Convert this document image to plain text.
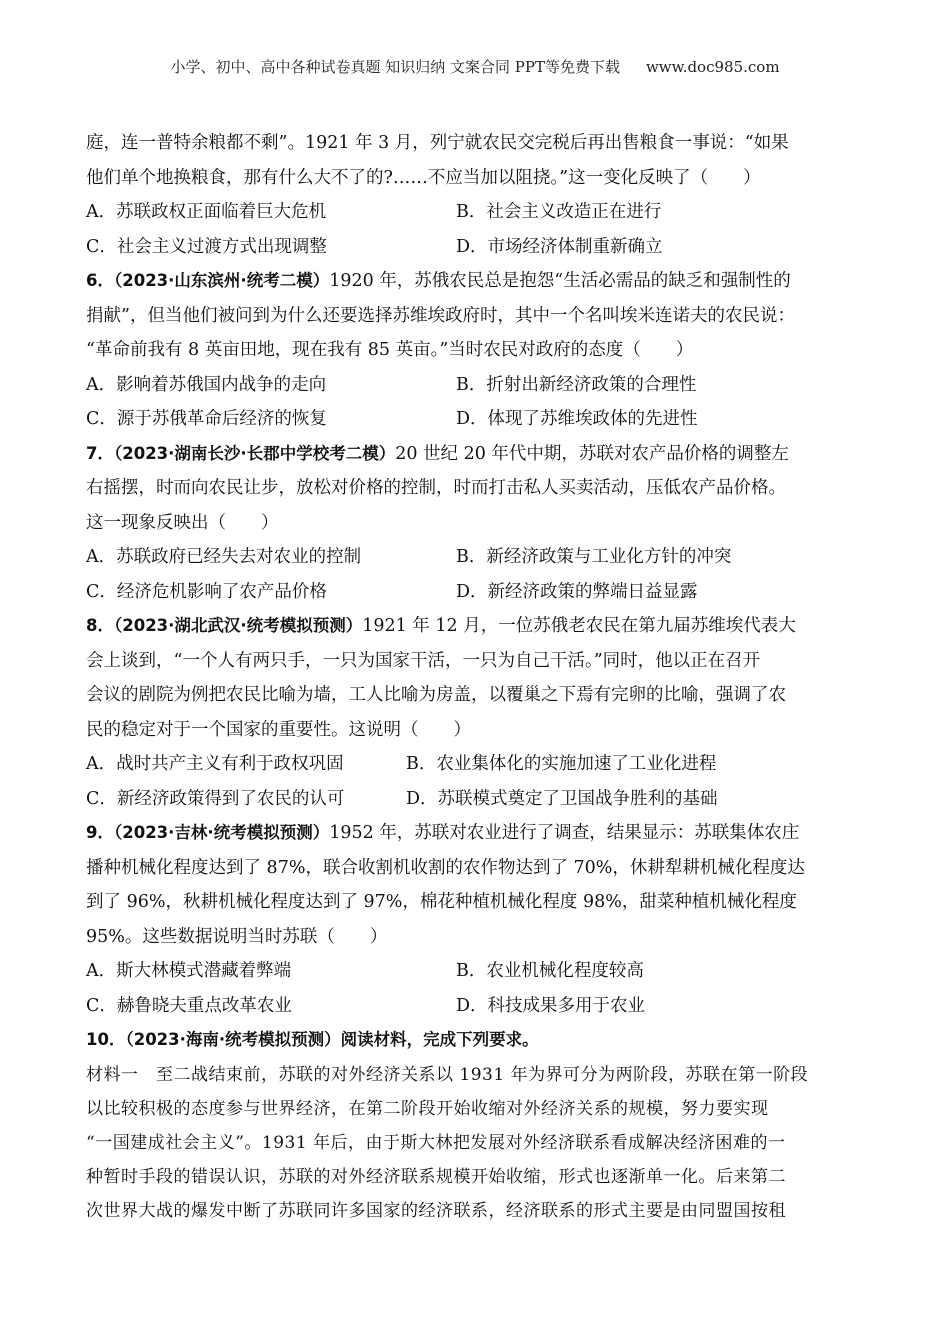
小学、初中、高中各种试卷真题 知识归纳 文案合同 PPT等免费下载 www.doc985.com

庭，连一普特余粮都不剩”。1921 年 3 月，列宁就农民交完税后再出售粮食一事说：“如果

他们单个地换粮食，那有什么大不了的?……不应当加以阻挠。”这一变化反映了（　　）

A．苏联政权正面临着巨大危机	B．社会主义改造正在进行
C．社会主义过渡方式出现调整	D．市场经济体制重新确立

6．（2023·山东滨州·统考二模）1920 年，苏俄农民总是抱怨“生活必需品的缺乏和强制性的

捐献”，但当他们被问到为什么还要选择苏维埃政府时，其中一个名叫埃米连诺夫的农民说：

“革命前我有 8 英亩田地，现在我有 85 英亩。”当时农民对政府的态度（　　）

A．影响着苏俄国内战争的走向	B．折射出新经济政策的合理性
C．源于苏俄革命后经济的恢复	D．体现了苏维埃政体的先进性

7．（2023·湖南长沙·长郡中学校考二模）20 世纪 20 年代中期，苏联对农产品价格的调整左

右摇摆，时而向农民让步，放松对价格的控制，时而打击私人买卖活动，压低农产品价格。

这一现象反映出（　　）

A．苏联政府已经失去对农业的控制	B．新经济政策与工业化方针的冲突
C．经济危机影响了农产品价格	D．新经济政策的弊端日益显露

8．（2023·湖北武汉·统考模拟预测）1921 年 12 月，一位苏俄老农民在第九届苏维埃代表大

会上谈到，“一个人有两只手，一只为国家干活，一只为自己干活。”同时，他以正在召开

会议的剧院为例把农民比喻为墙，工人比喻为房盖，以覆巢之下焉有完卵的比喻，强调了农

民的稳定对于一个国家的重要性。这说明（　　）

A．战时共产主义有利于政权巩固	B．农业集体化的实施加速了工业化进程
C．新经济政策得到了农民的认可	D．苏联模式奠定了卫国战争胜利的基础

9．（2023·吉林·统考模拟预测）1952 年，苏联对农业进行了调查，结果显示：苏联集体农庄

播种机械化程度达到了 87%，联合收割机收割的农作物达到了 70%，休耕犁耕机械化程度达

到了 96%，秋耕机械化程度达到了 97%，棉花种植机械化程度 98%，甜菜种植机械化程度

95%。这些数据说明当时苏联（　　）

A．斯大林模式潜藏着弊端	B．农业机械化程度较高
C．赫鲁晓夫重点改革农业	D．科技成果多用于农业

10．（2023·海南·统考模拟预测）阅读材料，完成下列要求。

材料一　至二战结束前，苏联的对外经济关系以 1931 年为界可分为两阶段，苏联在第一阶段

以比较积极的态度参与世界经济，在第二阶段开始收缩对外经济关系的规模，努力要实现

“一国建成社会主义”。1931 年后，由于斯大林把发展对外经济联系看成解决经济困难的一

种暂时手段的错误认识，苏联的对外经济联系规模开始收缩，形式也逐渐单一化。后来第二

次世界大战的爆发中断了苏联同许多国家的经济联系，经济联系的形式主要是由同盟国按租
